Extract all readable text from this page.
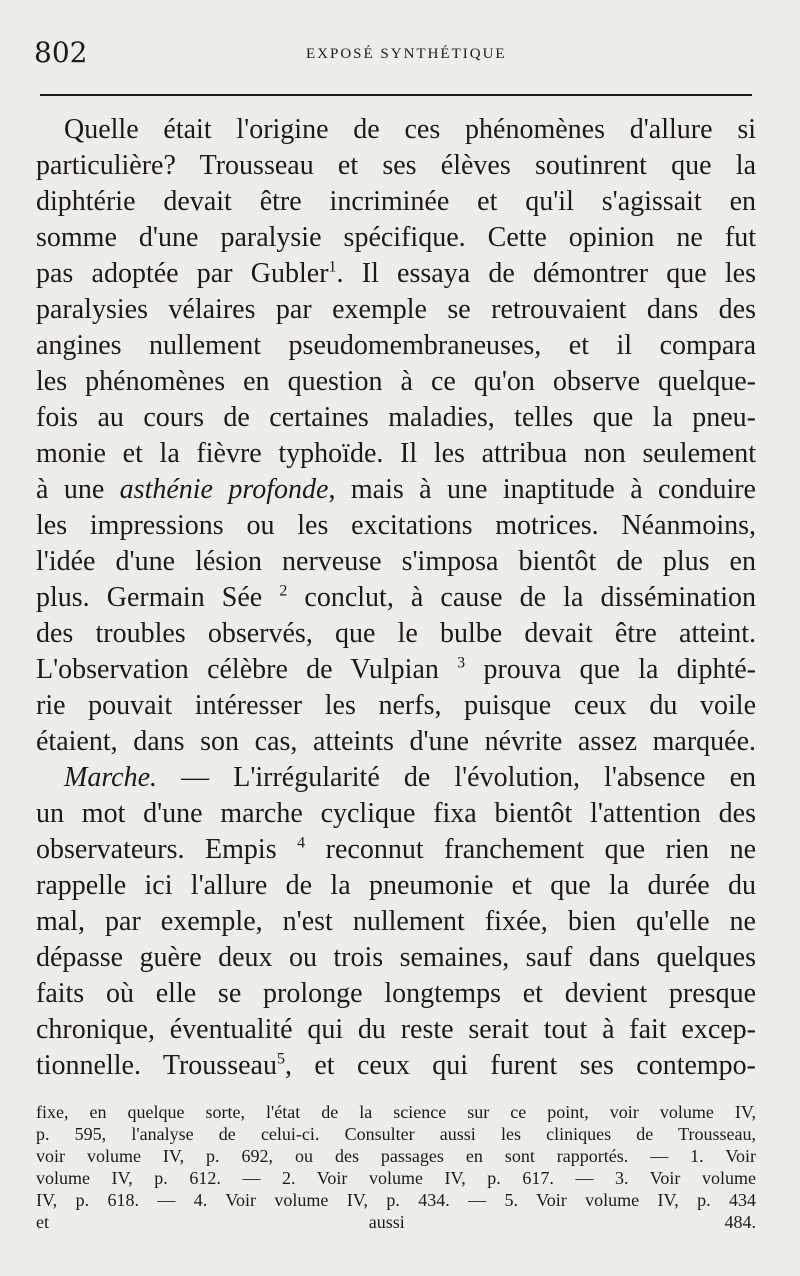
802	EXPOSÉ SYNTHÉTIQUE
Quelle était l'origine de ces phénomènes d'allure si
particulière? Trousseau et ses élèves soutinrent que la
diphtérie devait être incriminée et qu'il s'agissait en
somme d'une paralysie spécifique. Cette opinion ne fut
pas adoptée par Gubler$^1$. Il essaya de démontrer que les
paralysies vélaires par exemple se retrouvaient dans des
angines nullement pseudomembraneuses, et il compara
les phénomènes en question à ce qu'on observe quelque-
fois au cours de certaines maladies, telles que la pneu-
monie et la fièvre typhoïde. Il les attribua non seulement
à une asthénie profonde, mais à une inaptitude à conduire
les impressions ou les excitations motrices. Néanmoins,
l'idée d'une lésion nerveuse s'imposa bientôt de plus en
plus. Germain Sée $^2$ conclut, à cause de la dissémination
des troubles observés, que le bulbe devait être atteint.
L'observation célèbre de Vulpian $^3$ prouva que la diphté-
rie pouvait intéresser les nerfs, puisque ceux du voile
étaient, dans son cas, atteints d'une névrite assez marquée.
Marche. — L'irrégularité de l'évolution, l'absence en
un mot d'une marche cyclique fixa bientôt l'attention des
observateurs. Empis $^4$ reconnut franchement que rien ne
rappelle ici l'allure de la pneumonie et que la durée du
mal, par exemple, n'est nullement fixée, bien qu'elle ne
dépasse guère deux ou trois semaines, sauf dans quelques
faits où elle se prolonge longtemps et devient presque
chronique, éventualité qui du reste serait tout à fait excep-
tionnelle. Trousseau$^5$, et ceux qui furent ses contempo-
fixe, en quelque sorte, l'état de la science sur ce point, voir volume IV,
p. 595, l'analyse de celui-ci. Consulter aussi les cliniques de Trousseau,
voir volume IV, p. 692, ou des passages en sont rapportés. — 1. Voir
volume IV, p. 612. — 2. Voir volume IV, p. 617. — 3. Voir volume
IV, p. 618. — 4. Voir volume IV, p. 434. — 5. Voir volume IV, p. 434
et aussi 484.
